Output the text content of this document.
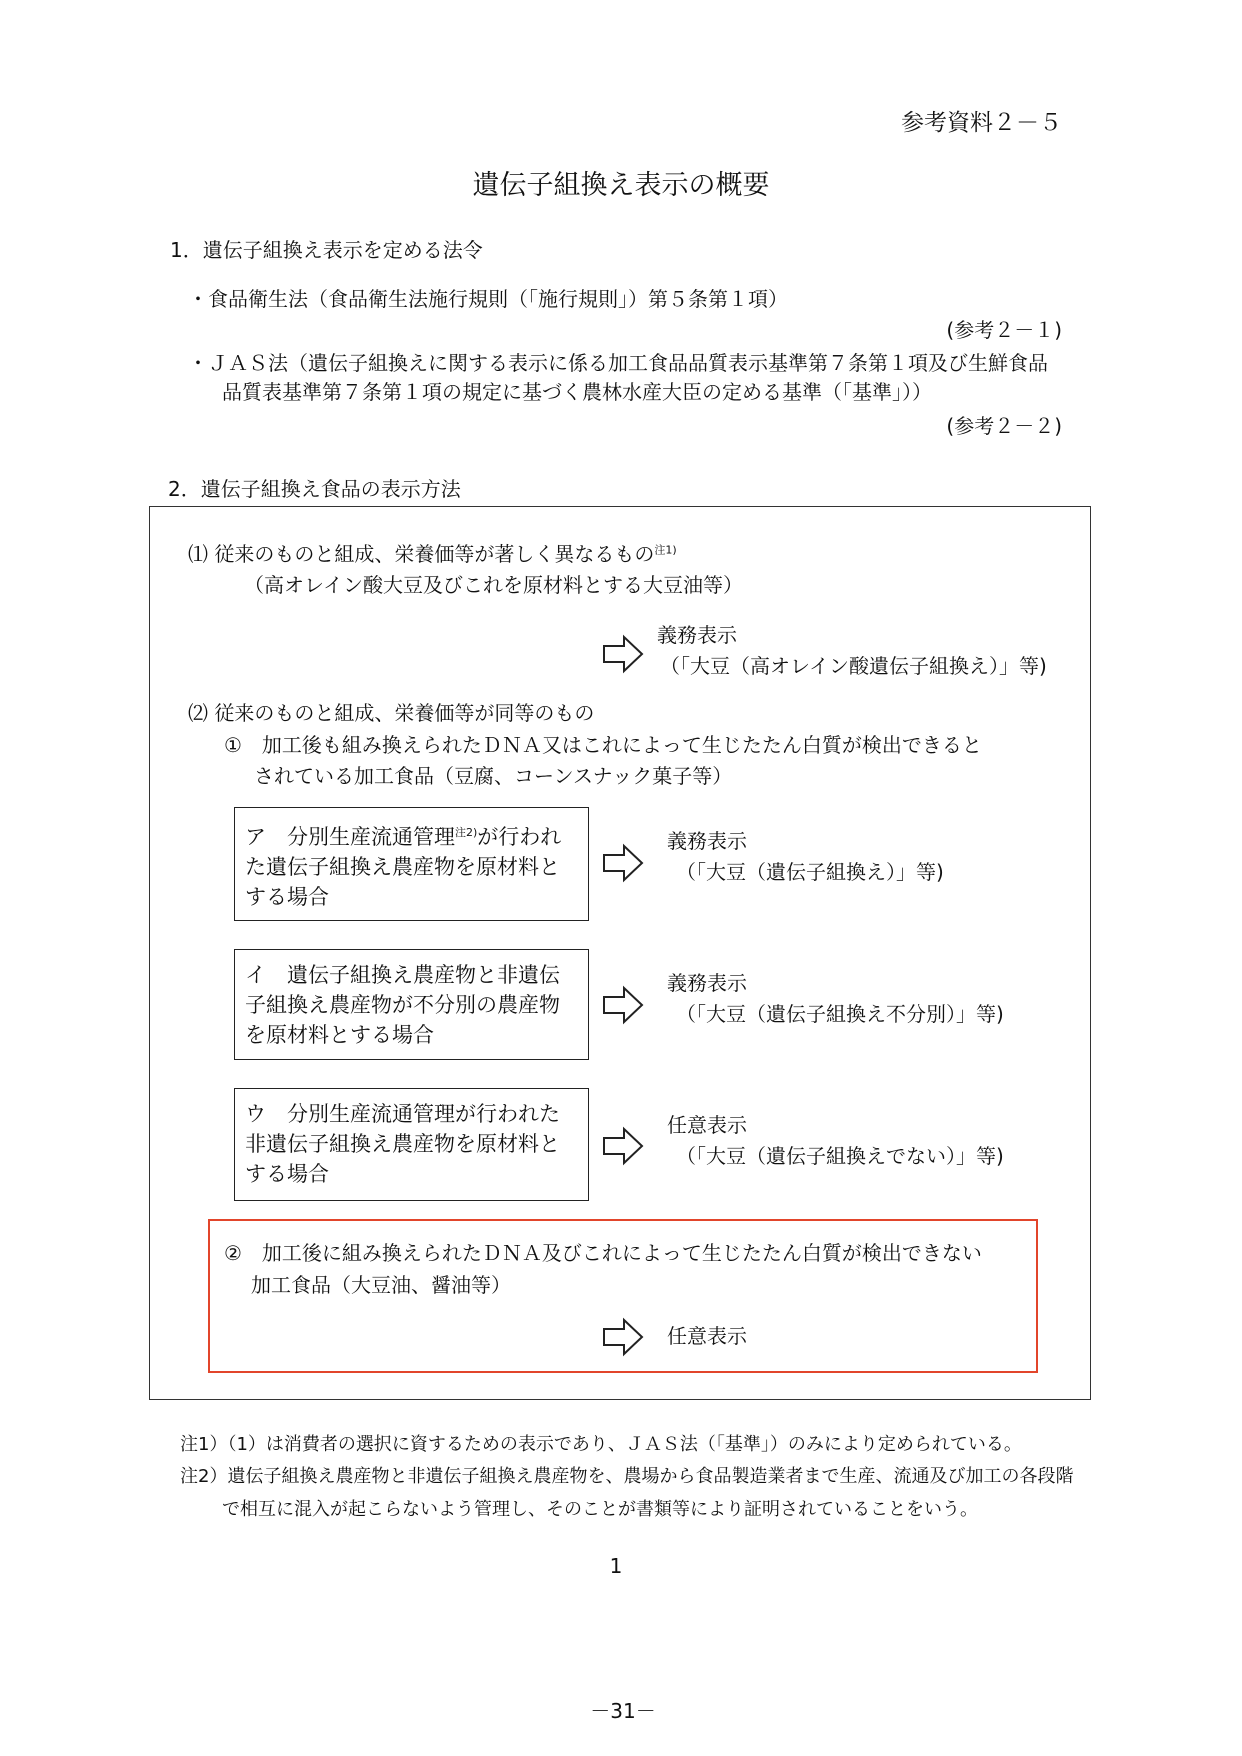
参考資料２－５
遺伝子組換え表示の概要
1．遺伝子組換え表示を定める法令
・食品衛生法（食品衛生法施行規則（「施行規則」）第５条第１項）
(参考２－１)
・ＪＡＳ法（遺伝子組換えに関する表示に係る加工食品品質表示基準第７条第１項及び生鮮食品
品質表基準第７条第１項の規定に基づく農林水産大臣の定める基準（「基準」））
(参考２－２)
2．遺伝子組換え食品の表示方法
⑴ 従来のものと組成、栄養価等が著しく異なるもの$^{注1)}$
（高オレイン酸大豆及びこれを原材料とする大豆油等）
義務表示
（「大豆（高オレイン酸遺伝子組換え）」等)
⑵ 従来のものと組成、栄養価等が同等のもの
①　加工後も組み換えられたＤＮＡ又はこれによって生じたたん白質が検出できると
されている加工食品（豆腐、コーンスナック菓子等）
ア　分別生産流通管理$^{注2)}$が行われた遺伝子組換え農産物を原材料とする場合
義務表示
（「大豆（遺伝子組換え）」等)
イ　遺伝子組換え農産物と非遺伝子組換え農産物が不分別の農産物を原材料とする場合
義務表示
（「大豆（遺伝子組換え不分別）」等)
ウ　分別生産流通管理が行われた非遺伝子組換え農産物を原材料とする場合
任意表示
（「大豆（遺伝子組換えでない）」等)
②　加工後に組み換えられたＤＮＡ及びこれによって生じたたん白質が検出できない
加工食品（大豆油、醤油等）
任意表示
注1）（1）は消費者の選択に資するための表示であり、ＪＡＳ法（「基準」）のみにより定められている。
注2）遺伝子組換え農産物と非遺伝子組換え農産物を、農場から食品製造業者まで生産、流通及び加工の各段階
で相互に混入が起こらないよう管理し、そのことが書類等により証明されていることをいう。
1
－31－
